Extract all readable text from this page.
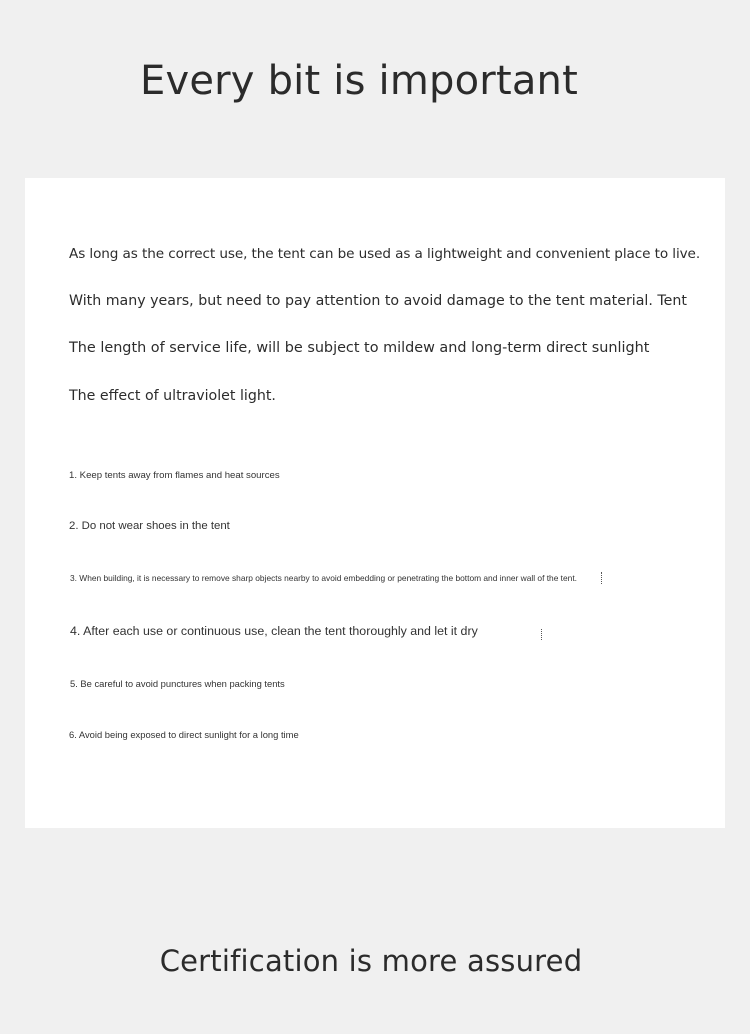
Every bit is important
As long as the correct use, the tent can be used as a lightweight and convenient place to live.
With many years, but need to pay attention to avoid damage to the tent material. Tent
The length of service life, will be subject to mildew and long-term direct sunlight
The effect of ultraviolet light.
1. Keep tents away from flames and heat sources
2. Do not wear shoes in the tent
3. When building, it is necessary to remove sharp objects nearby to avoid embedding or penetrating the bottom and inner wall of the tent.
4. After each use or continuous use, clean the tent thoroughly and let it dry
5. Be careful to avoid punctures when packing tents
6. Avoid being exposed to direct sunlight for a long time
Certification is more assured
